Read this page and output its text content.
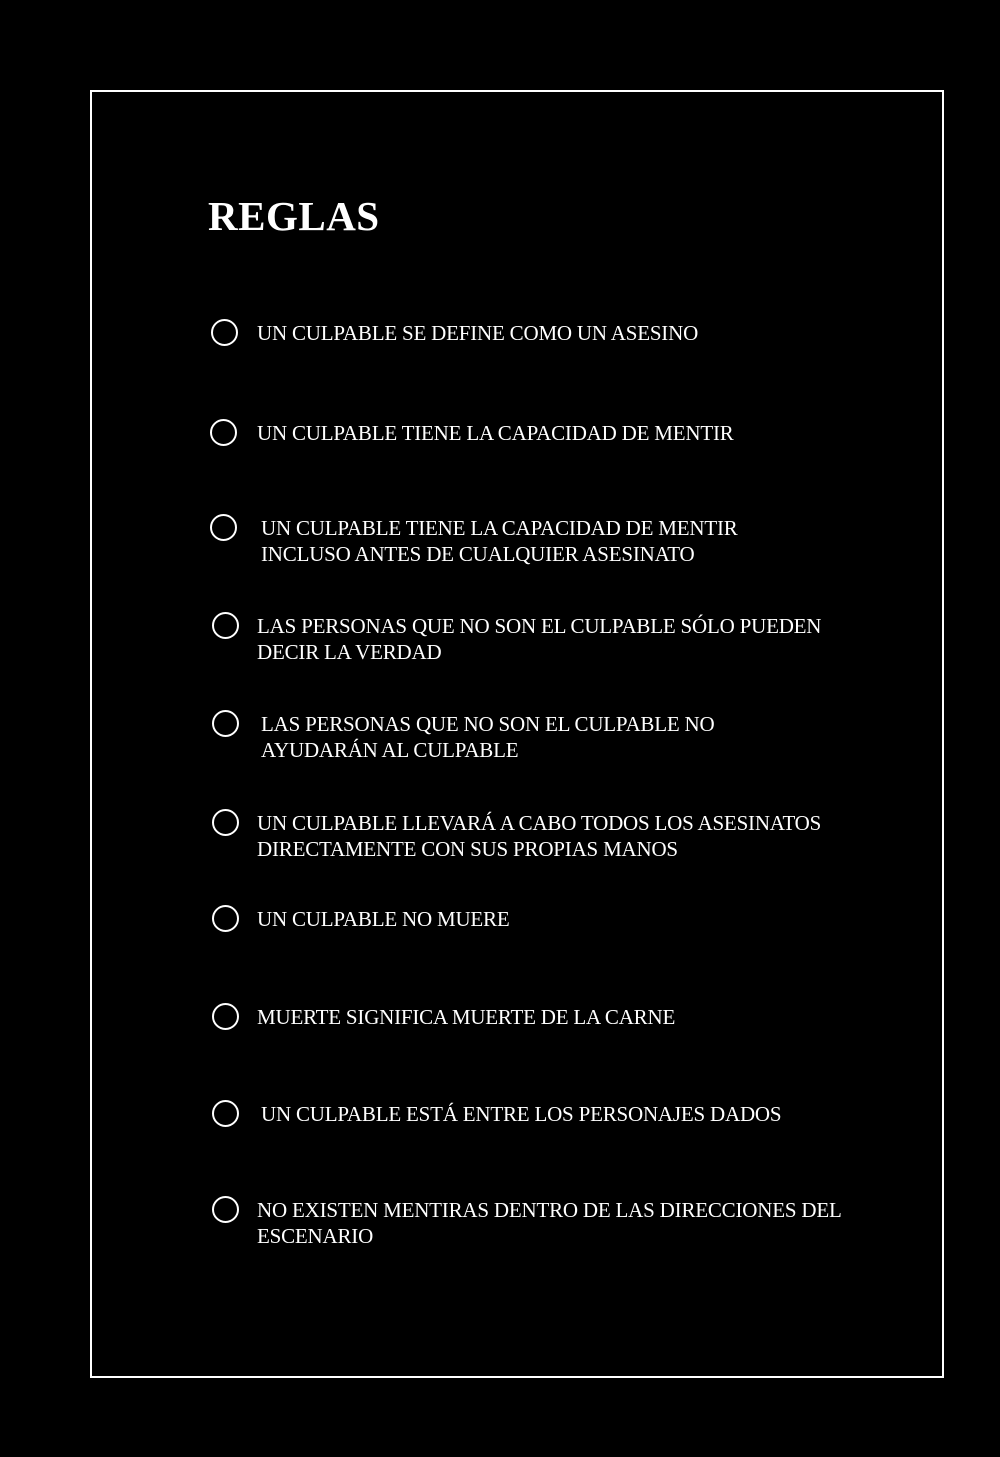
REGLAS
UN CULPABLE SE DEFINE COMO UN ASESINO
UN CULPABLE TIENE LA CAPACIDAD DE MENTIR
UN CULPABLE TIENE LA CAPACIDAD DE MENTIR
INCLUSO ANTES DE CUALQUIER ASESINATO
LAS PERSONAS QUE NO SON EL CULPABLE SÓLO PUEDEN
DECIR LA VERDAD
LAS PERSONAS QUE NO SON EL CULPABLE NO
AYUDARÁN AL CULPABLE
UN CULPABLE LLEVARÁ A CABO TODOS LOS ASESINATOS
DIRECTAMENTE CON SUS PROPIAS MANOS
UN CULPABLE NO MUERE
MUERTE SIGNIFICA MUERTE DE LA CARNE
UN CULPABLE ESTÁ ENTRE LOS PERSONAJES DADOS
NO EXISTEN MENTIRAS DENTRO DE LAS DIRECCIONES DEL
ESCENARIO
